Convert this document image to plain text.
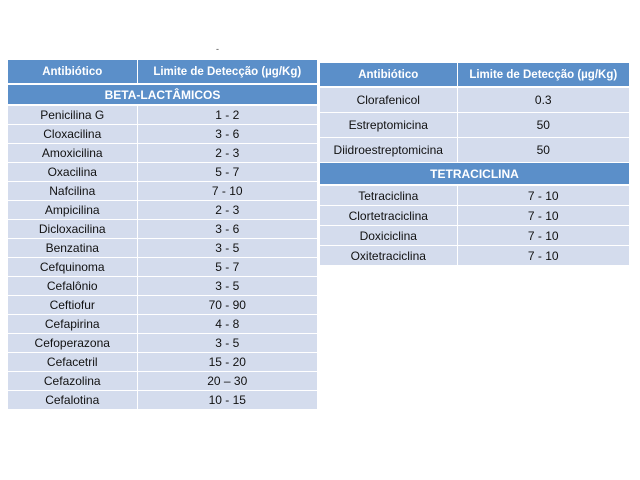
-
Antibiótico	Limite de Detecção (µg/Kg)
BETA-LACTÂMICOS	
Penicilina G	1 - 2
Cloxacilina	3 - 6
Amoxicilina	2 - 3
Oxacilina	5 - 7
Nafcilina	7 - 10
Ampicilina	2 - 3
Dicloxacilina	3 - 6
Benzatina	3 - 5
Cefquinoma	5 - 7
Cefalônio	3 - 5
Ceftiofur	70 - 90
Cefapirina	4 - 8
Cefoperazona	3 - 5
Cefacetril	15 - 20
Cefazolina	20 – 30
Cefalotina	10 - 15
Antibiótico	Limite de Detecção (µg/Kg)
Clorafenicol	0.3
Estreptomicina	50
Diidroestreptomicina	50
TETRACICLINA	
Tetraciclina	7 - 10
Clortetraciclina	7 - 10
Doxiciclina	7 - 10
Oxitetraciclina	7 - 10
